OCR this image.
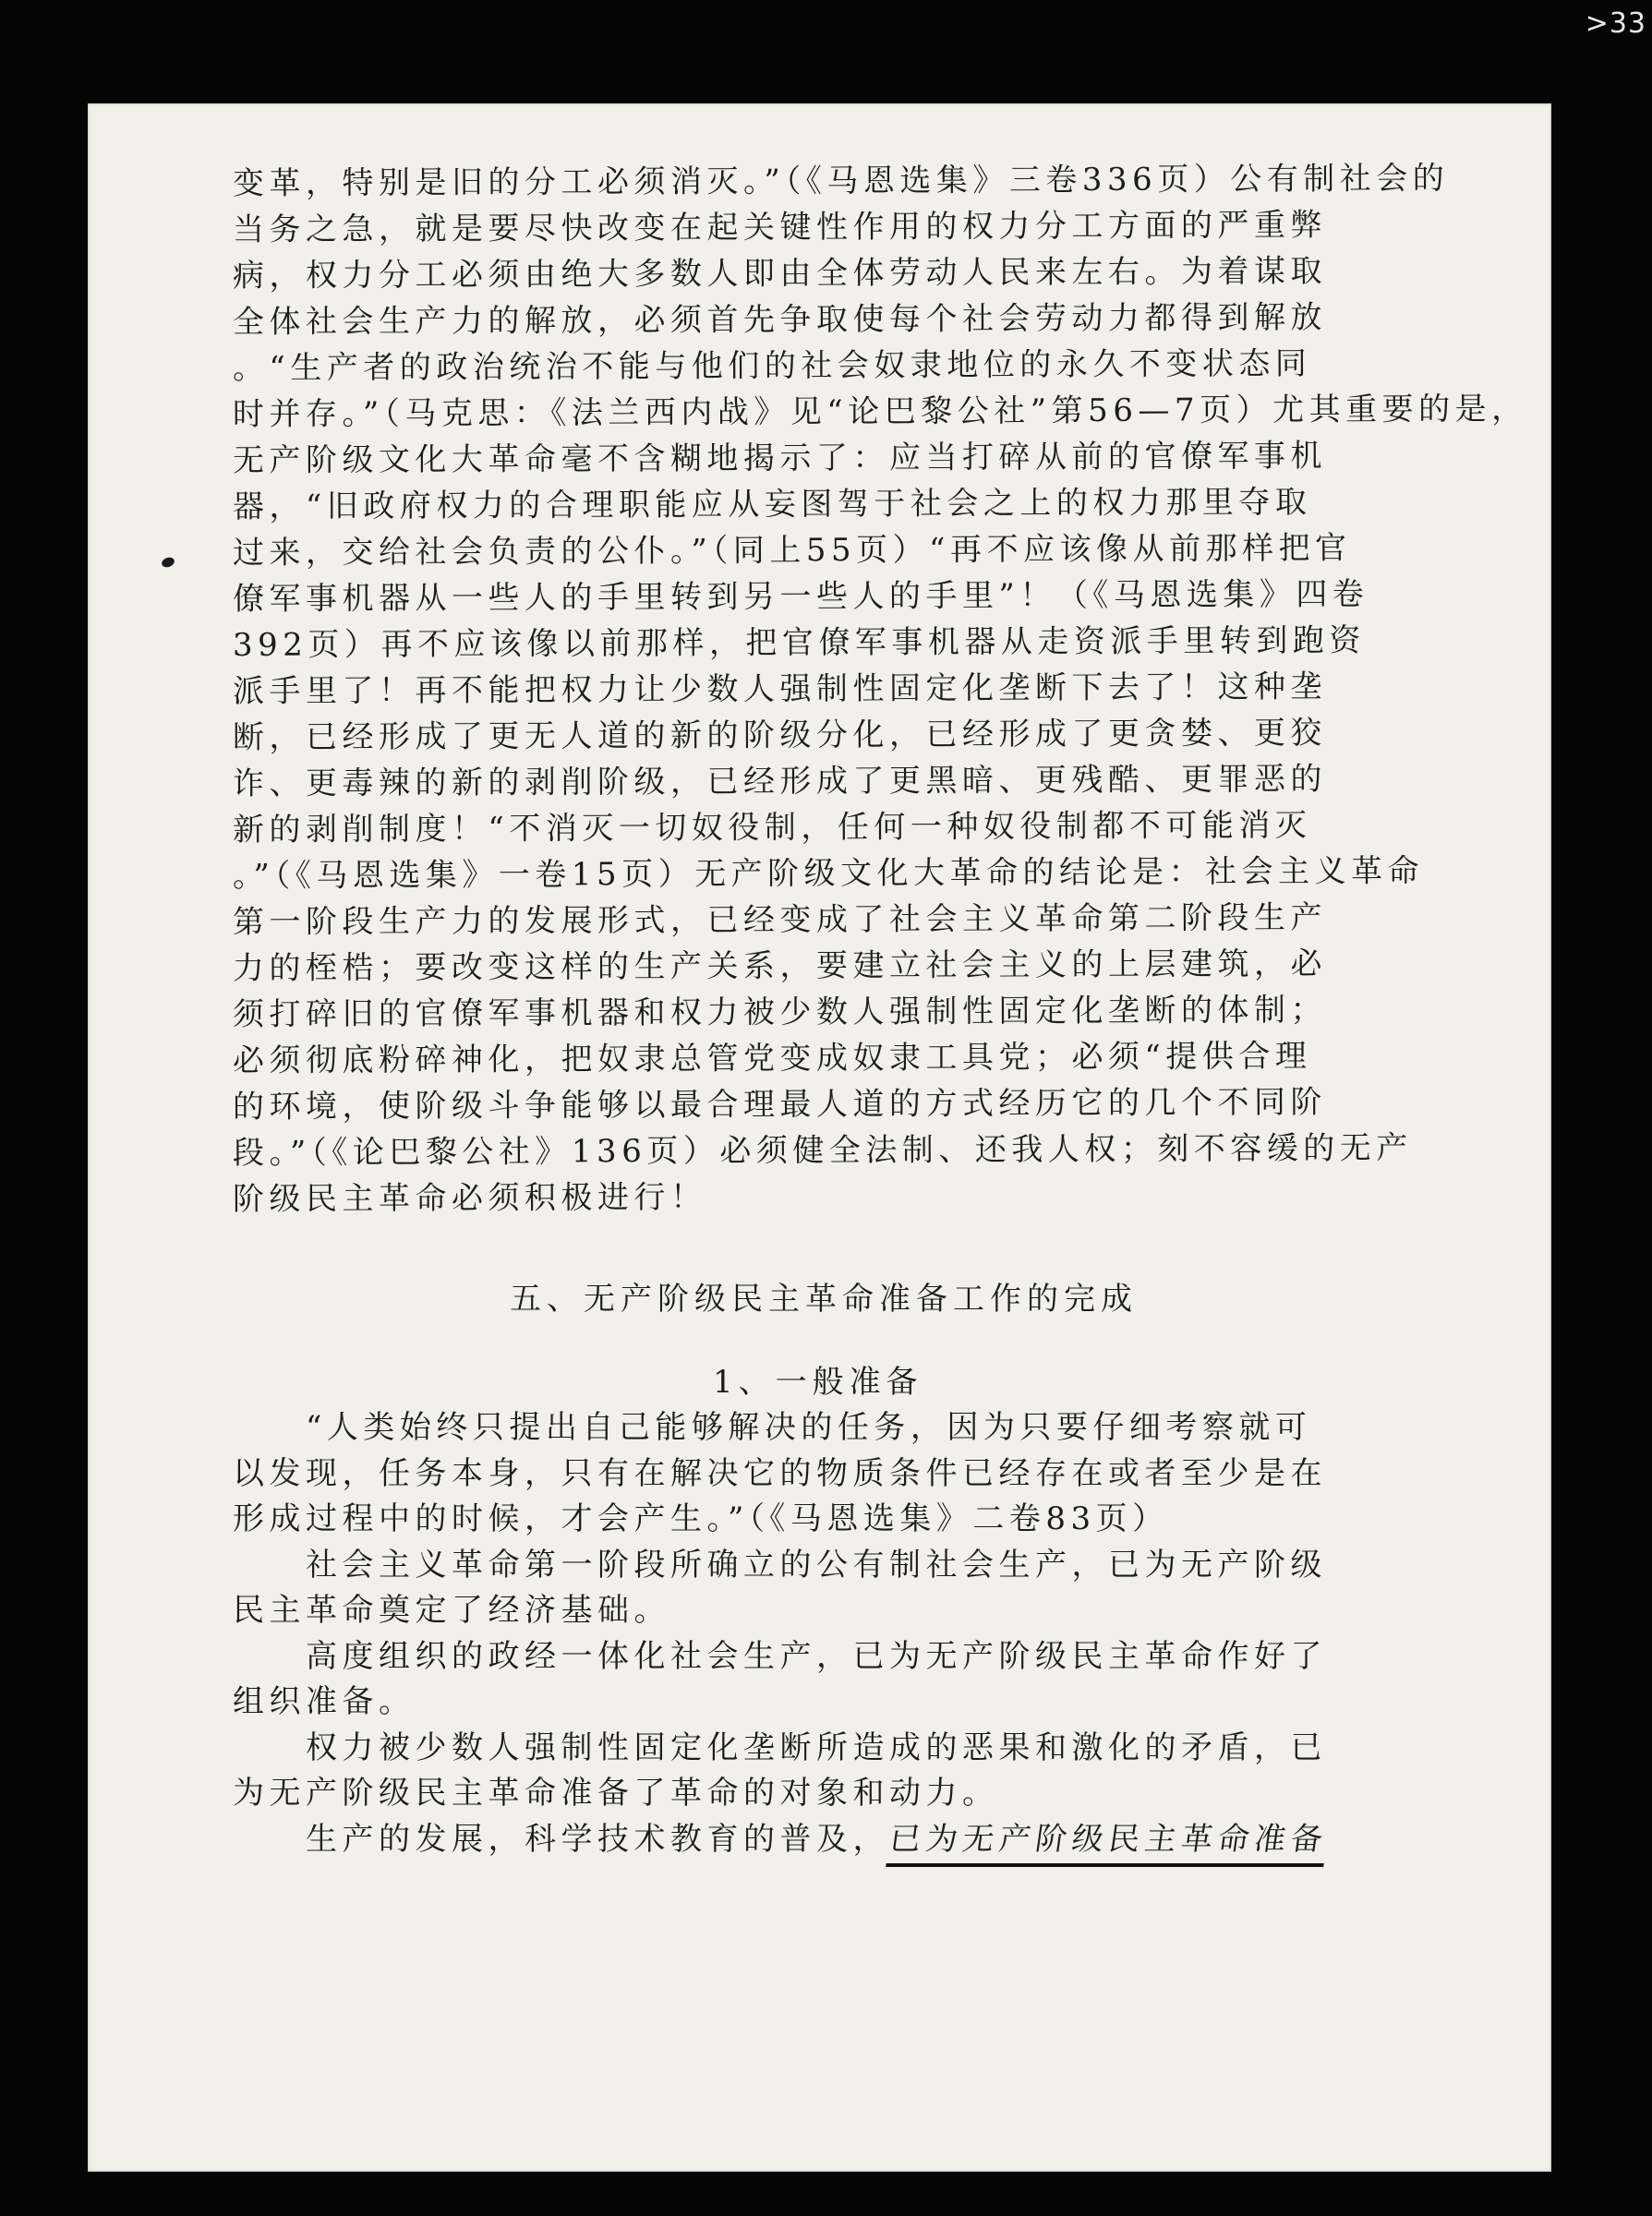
>33

变革，特别是旧的分工必须消灭。”（《马恩选集》三卷336页）公有制社会的

当务之急，就是要尽快改变在起关键性作用的权力分工方面的严重弊

病，权力分工必须由绝大多数人即由全体劳动人民来左右。为着谋取

全体社会生产力的解放，必须首先争取使每个社会劳动力都得到解放

。“生产者的政治统治不能与他们的社会奴隶地位的永久不变状态同

时并存。”（马克思：《法兰西内战》见“论巴黎公社”第56—7页）尤其重要的是，

无产阶级文化大革命毫不含糊地揭示了：应当打碎从前的官僚军事机

器，“旧政府权力的合理职能应从妄图驾于社会之上的权力那里夺取

过来，交给社会负责的公仆。”（同上55页）“再不应该像从前那样把官

僚军事机器从一些人的手里转到另一些人的手里”！（《马恩选集》四卷

392页）再不应该像以前那样，把官僚军事机器从走资派手里转到跑资

派手里了！再不能把权力让少数人强制性固定化垄断下去了！这种垄

断，已经形成了更无人道的新的阶级分化，已经形成了更贪婪、更狡

诈、更毒辣的新的剥削阶级，已经形成了更黑暗、更残酷、更罪恶的

新的剥削制度！“不消灭一切奴役制，任何一种奴役制都不可能消灭

。”（《马恩选集》一卷15页）无产阶级文化大革命的结论是：社会主义革命

第一阶段生产力的发展形式，已经变成了社会主义革命第二阶段生产

力的桎梏；要改变这样的生产关系，要建立社会主义的上层建筑，必

须打碎旧的官僚军事机器和权力被少数人强制性固定化垄断的体制；

必须彻底粉碎神化，把奴隶总管党变成奴隶工具党；必须“提供合理

的环境，使阶级斗争能够以最合理最人道的方式经历它的几个不同阶

段。”（《论巴黎公社》136页）必须健全法制、还我人权；刻不容缓的无产

阶级民主革命必须积极进行！

五、无产阶级民主革命准备工作的完成
1、一般准备

　　“人类始终只提出自己能够解决的任务，因为只要仔细考察就可

以发现，任务本身，只有在解决它的物质条件已经存在或者至少是在

形成过程中的时候，才会产生。”（《马恩选集》二卷83页）

　　社会主义革命第一阶段所确立的公有制社会生产，已为无产阶级

民主革命奠定了经济基础。

　　高度组织的政经一体化社会生产，已为无产阶级民主革命作好了

组织准备。

　　权力被少数人强制性固定化垄断所造成的恶果和激化的矛盾，已

为无产阶级民主革命准备了革命的对象和动力。

　　生产的发展，科学技术教育的普及，已为无产阶级民主革命准备
